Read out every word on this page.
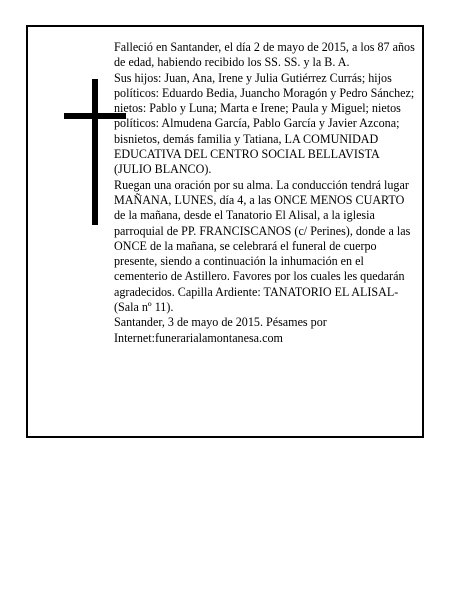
Falleció en Santander, el día 2 de mayo de 2015, a los 87 años de edad, habiendo recibido los SS. SS. y la B. A.

Sus hijos: Juan, Ana, Irene y Julia Gutiérrez Currás; hijos políticos: Eduardo Bedia, Juancho Moragón y Pedro Sánchez; nietos: Pablo y Luna; Marta e Irene; Paula y Miguel; nietos políticos: Almudena García, Pablo García y Javier Azcona; bisnietos, demás familia y Tatiana, LA COMUNIDAD EDUCATIVA DEL CENTRO SOCIAL BELLAVISTA (JULIO BLANCO).

Ruegan una oración por su alma. La conducción tendrá lugar MAÑANA, LUNES, día 4, a las ONCE MENOS CUARTO de la mañana, desde el Tanatorio El Alisal, a la iglesia parroquial de PP. FRANCISCANOS (c/ Perines), donde a las ONCE de la mañana, se celebrará el funeral de cuerpo presente, siendo a continuación la inhumación en el cementerio de Astillero. Favores por los cuales les quedarán agradecidos. Capilla Ardiente: TANATORIO EL ALISAL-(Sala nº 11).

Santander, 3 de mayo de 2015. Pésames por Internet:funerarialamontanesa.com
